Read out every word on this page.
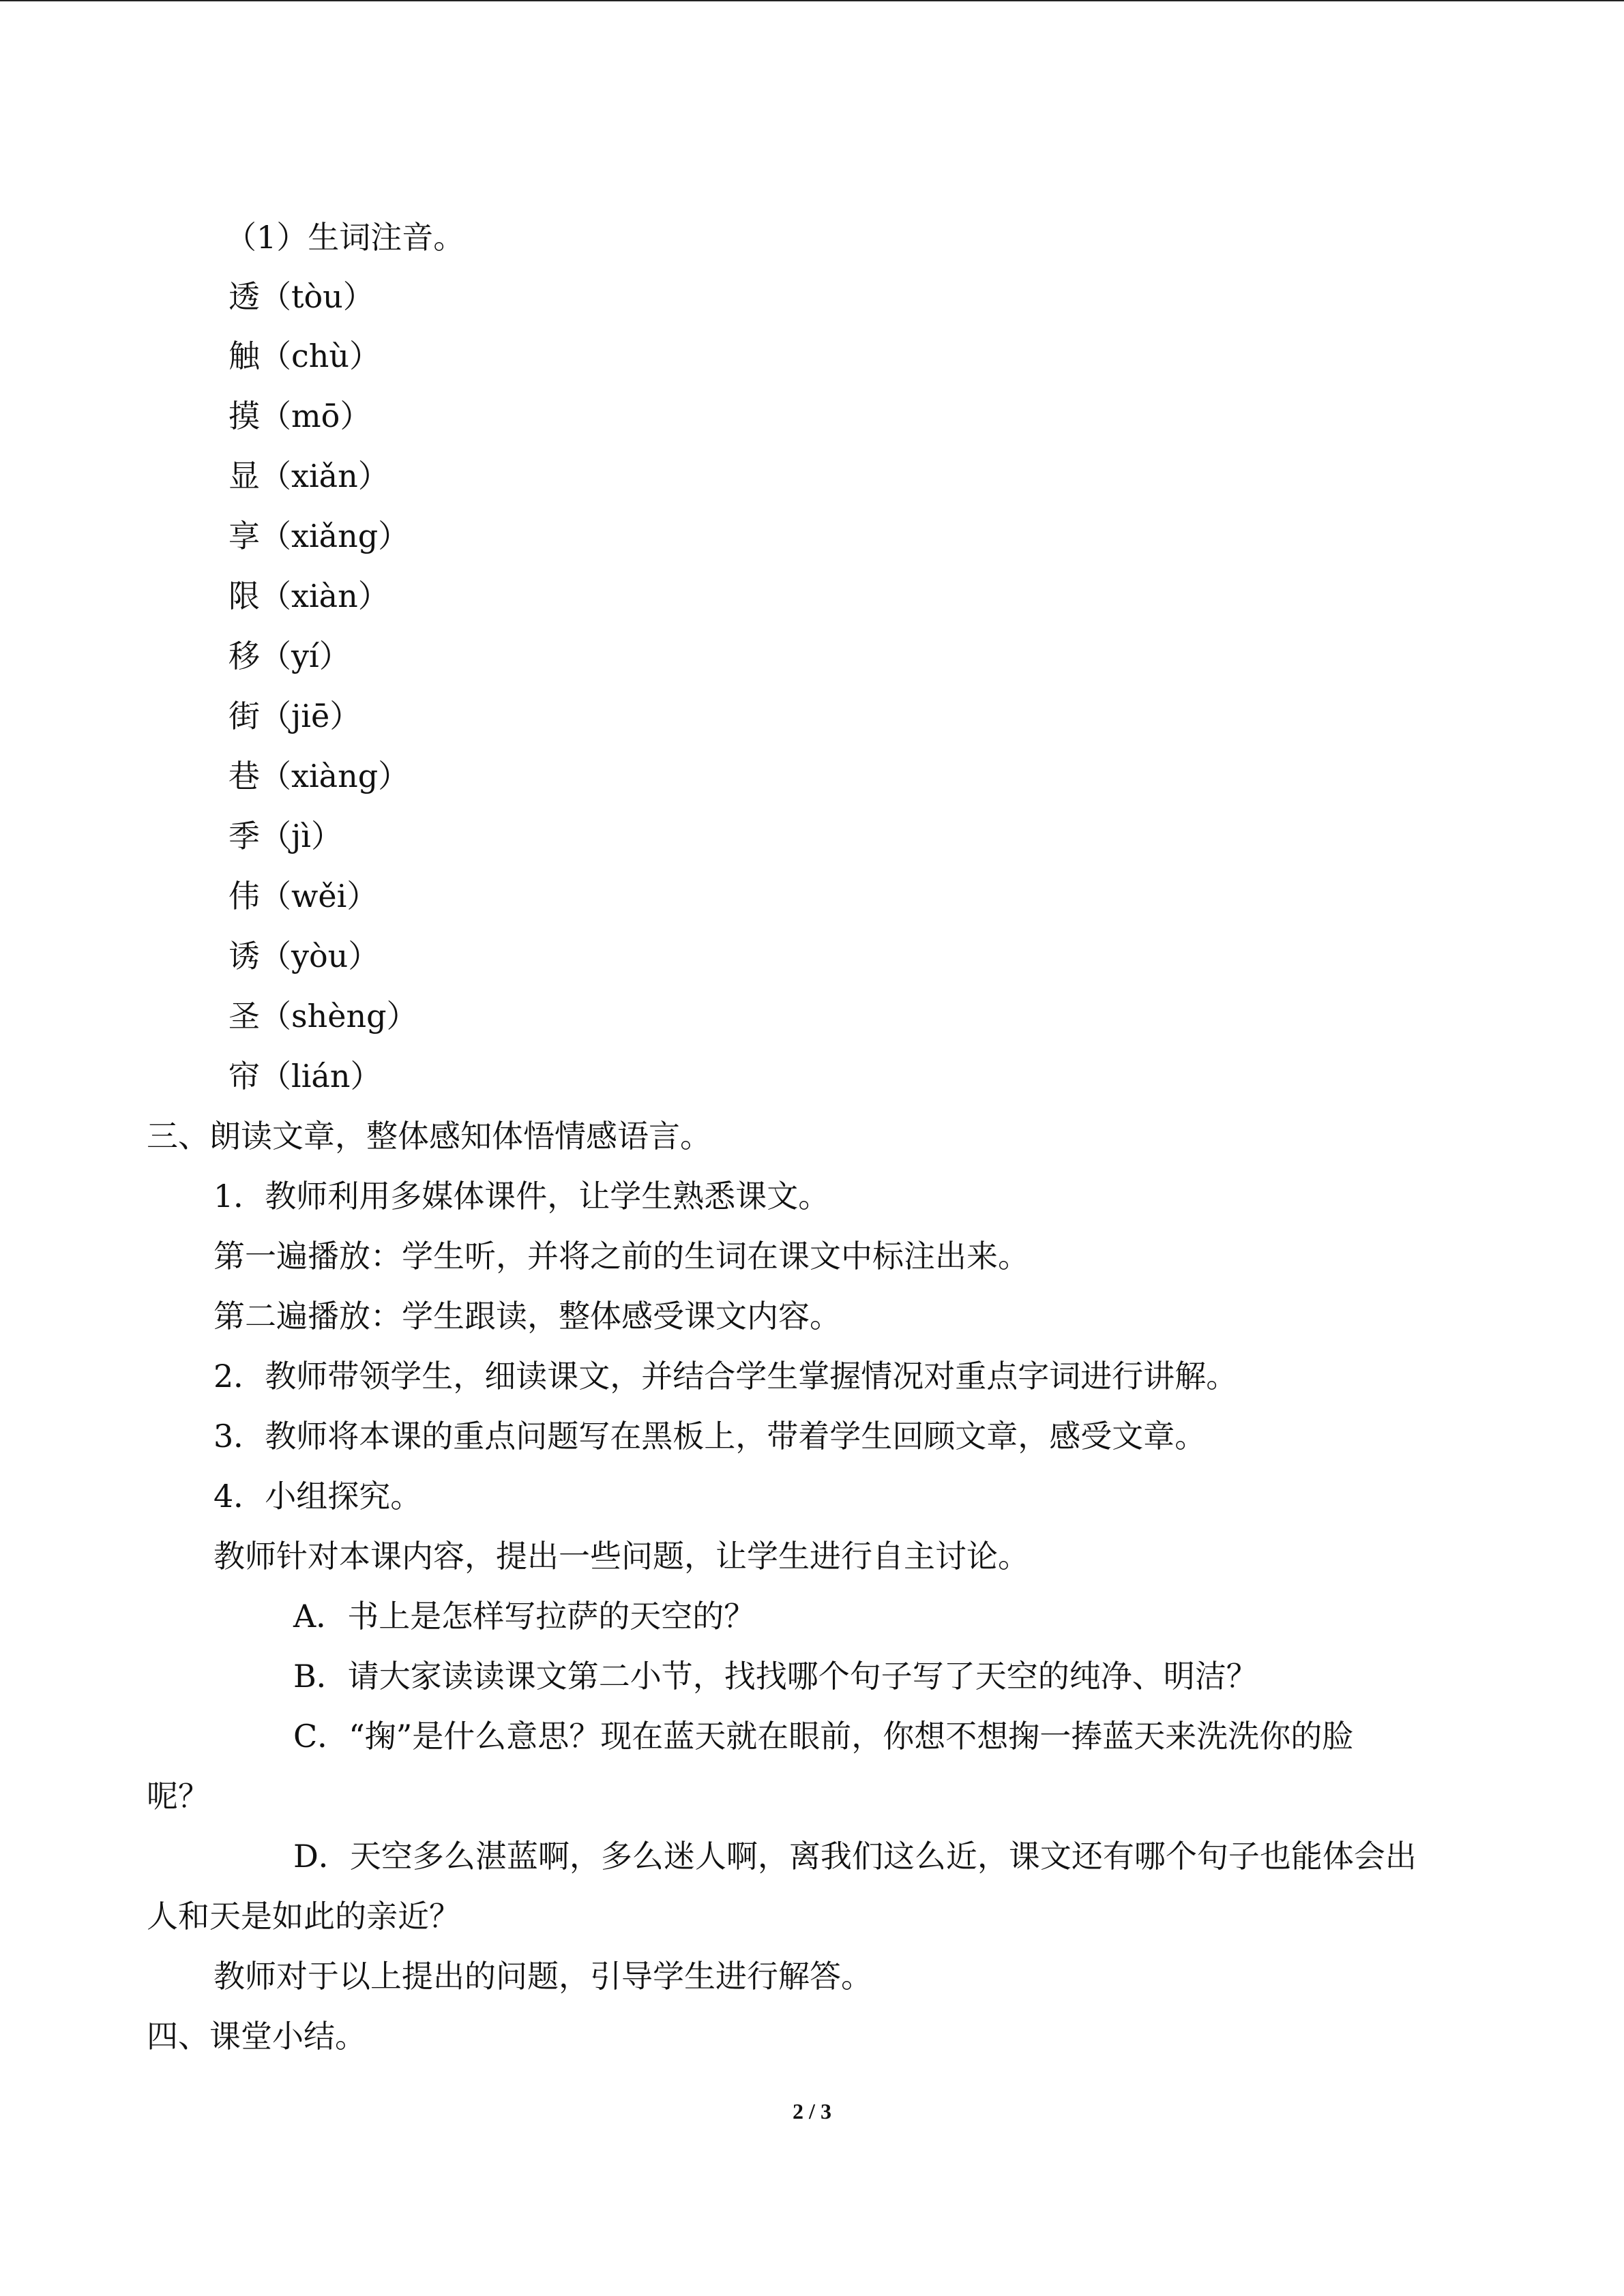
（1）生词注音。
透（tòu）
触（chù）
摸（mō）
显（xiǎn）
享（xiǎng）
限（xiàn）
移（yí）
街（jiē）
巷（xiàng）
季（jì）
伟（wěi）
诱（yòu）
圣（shèng）
帘（lián）
三、朗读文章，整体感知体悟情感语言。
1．教师利用多媒体课件，让学生熟悉课文。
第一遍播放：学生听，并将之前的生词在课文中标注出来。
第二遍播放：学生跟读，整体感受课文内容。
2．教师带领学生，细读课文，并结合学生掌握情况对重点字词进行讲解。
3．教师将本课的重点问题写在黑板上，带着学生回顾文章，感受文章。
4．小组探究。
教师针对本课内容，提出一些问题，让学生进行自主讨论。
A．书上是怎样写拉萨的天空的？
B．请大家读读课文第二小节，找找哪个句子写了天空的纯净、明洁？
C．“掬”是什么意思？现在蓝天就在眼前，你想不想掬一捧蓝天来洗洗你的脸
呢？
D．天空多么湛蓝啊，多么迷人啊，离我们这么近，课文还有哪个句子也能体会出
人和天是如此的亲近？
教师对于以上提出的问题，引导学生进行解答。
四、课堂小结。
2 / 3
